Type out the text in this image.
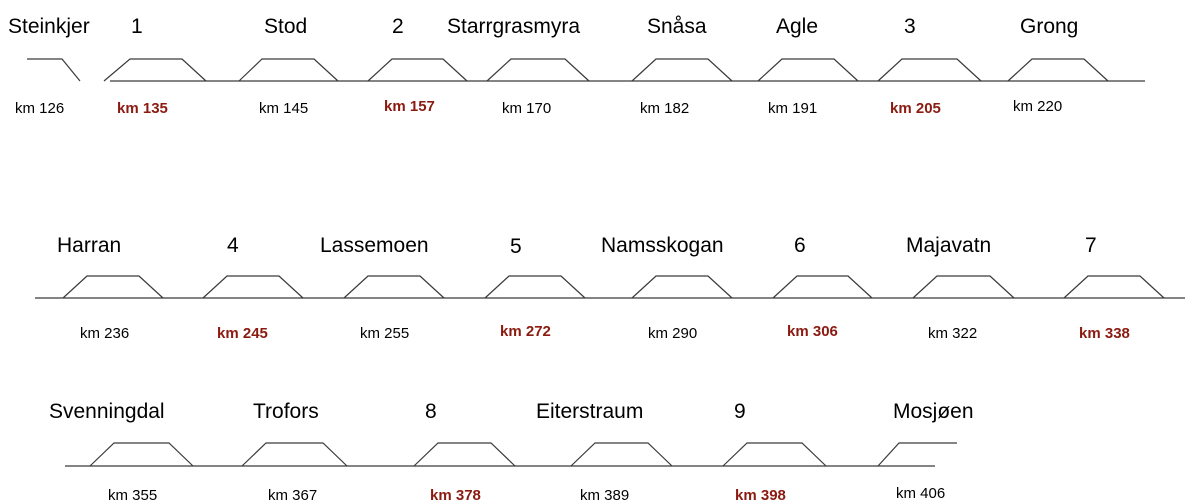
Steinkjer 1	Stod	2 Starrgrasmyra	Snåsa	Agle	3	Grong
km 126	km 135	km 145	km 157	km 170	km 182	km 191	km 205	km 220
Harran	4	Lassemoen	5	Namsskogan	6	Majavatn	7
km 236	km 245	km 255	km 272	km 290	km 306	km 322	km 338
Svenningdal	Trofors	8	Eiterstraum	9	Mosjøen
km 355	km 367	km 378	km 389	km 398	km 406
